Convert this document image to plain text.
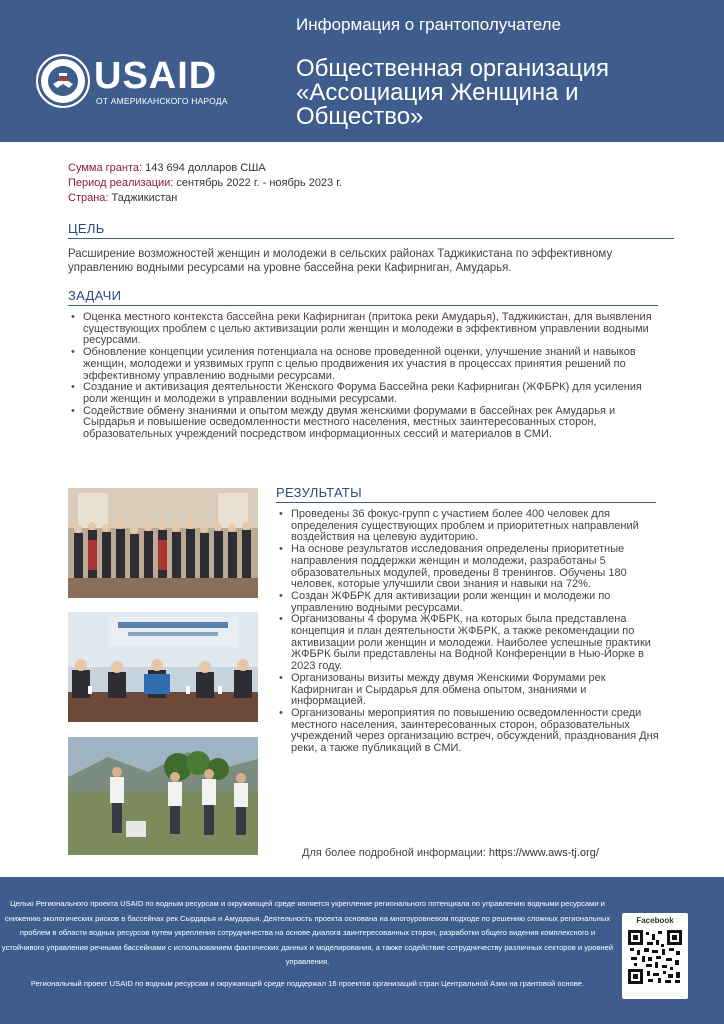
USAID
ОТ АМЕРИКАНСКОГО НАРОДА
Информация о грантополучателе
Общественная организация «Ассоциация Женщина и Общество»
Сумма гранта: 143 694 долларов США
Период реализации: сентябрь 2022 г. - ноябрь 2023 г.
Страна: Таджикистан
ЦЕЛЬ
Расширение возможностей женщин и молодежи в сельских районах Таджикистана по эффективному управлению водными ресурсами на уровне бассейна реки Кафирниган, Амударья.
ЗАДАЧИ
• Оценка местного контекста бассейна реки Кафирниган (притока реки Амударья), Таджикистан, для выявления существующих проблем с целью активизации роли женщин и молодежи в эффективном управлении водными ресурсами.
• Обновление концепции усиления потенциала на основе проведенной оценки, улучшение знаний и навыков женщин, молодежи и уязвимых групп с целью продвижения их участия в процессах принятия решений по эффективному управлению водными ресурсами.
• Создание и активизация деятельности Женского Форума Бассейна реки Кафирниган (ЖФБРК) для усиления роли женщин и молодежи в управлении водными ресурсами.
• Содействие обмену знаниями и опытом между двумя женскими форумами в бассейнах рек Амударья и Сырдарья и повышение осведомленности местного населения, местных заинтересованных сторон, образовательных учреждений посредством информационных сессий и материалов в СМИ.
РЕЗУЛЬТАТЫ
• Проведены 36 фокус-групп с участием более 400 человек для определения существующих проблем и приоритетных направлений воздействия на целевую аудиторию.
• На основе результатов исследования определены приоритетные направления поддержки женщин и молодежи, разработаны 5 образовательных модулей, проведены 8 тренингов. Обучены 180 человек, которые улучшили свои знания и навыки на 72%.
• Создан ЖФБРК для активизации роли женщин и молодежи по управлению водными ресурсами.
• Организованы 4 форума ЖФБРК, на которых была представлена концепция и план деятельности ЖФБРК, а также рекомендации по активизации роли женщин и молодежи. Наиболее успешные практики ЖФБРК были представлены на Водной Конференции в Нью-Йорке в 2023 году.
• Организованы визиты между двумя Женскими Форумами рек Кафирниган и Сырдарья для обмена опытом, знаниями и информацией.
• Организованы мероприятия по повышению осведомленности среди местного населения, заинтересованных сторон, образовательных учреждений через организацию встреч, обсуждений, празднования Дня реки, а также публикаций в СМИ.
Для более подробной информации: https://www.aws-tj.org/
Целью Регионального проекта USAID по водным ресурсам и окружающей среде является укрепление регионального потенциала по управлению водными ресурсами и снижению экологических рисков в бассейнах рек Сырдарья и Амударья. Деятельность проекта основана на многоуровневом подходе по решению сложных региональных проблем в области водных ресурсов путем укрепления сотрудничества на основе диалога заинтересованных сторон, разработки общего видения комплексного и устойчивого управления речными бассейнами с использованием фактических данных и моделирования, а также содействие сотрудничеству различных секторов и уровней управления.
Региональный проект USAID по водным ресурсам и окружающей среде поддержал 16 проектов организаций стран Центральной Азии на грантовой основе.
Facebook
